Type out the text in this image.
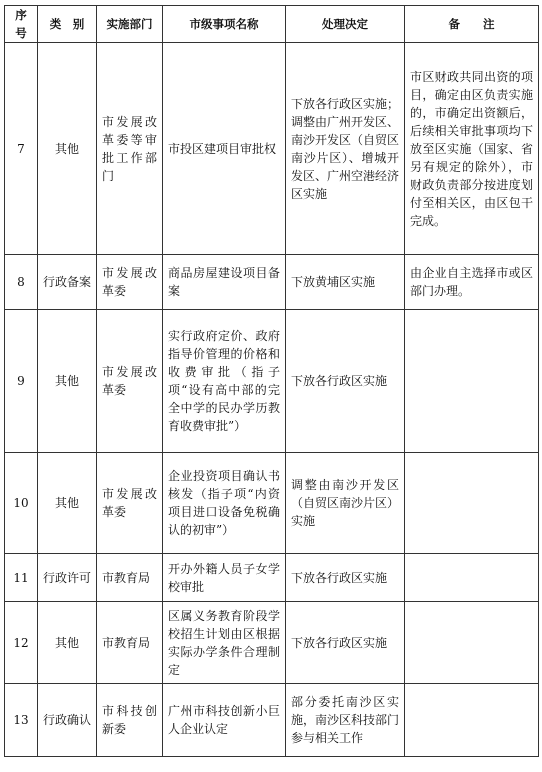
序号	类　别	实施部门	市级事项名称	处理决定	备　　注
7	其他	市发展改革委等审批工作部门	市投区建项目审批权	下放各行政区实施；调整由广州开发区、南沙开发区（自贸区南沙片区）、增城开发区、广州空港经济区实施	市区财政共同出资的项目，确定由区负责实施的，市确定出资额后，后续相关审批事项均下放至区实施（国家、省另有规定的除外），市财政负责部分按进度划付至相关区，由区包干完成。
8	行政备案	市发展改革委	商品房屋建设项目备案	下放黄埔区实施	由企业自主选择市或区部门办理。
9	其他	市发展改革委	实行政府定价、政府指导价管理的价格和收费审批（指子项“设有高中部的完全中学的民办学历教育收费审批”）	下放各行政区实施	
10	其他	市发展改革委	企业投资项目确认书核发（指子项“内资项目进口设备免税确认的初审”）	调整由南沙开发区（自贸区南沙片区）实施	
11	行政许可	市教育局	开办外籍人员子女学校审批	下放各行政区实施	
12	其他	市教育局	区属义务教育阶段学校招生计划由区根据实际办学条件合理制定	下放各行政区实施	
13	行政确认	市科技创新委	广州市科技创新小巨人企业认定	部分委托南沙区实施，南沙区科技部门参与相关工作	
